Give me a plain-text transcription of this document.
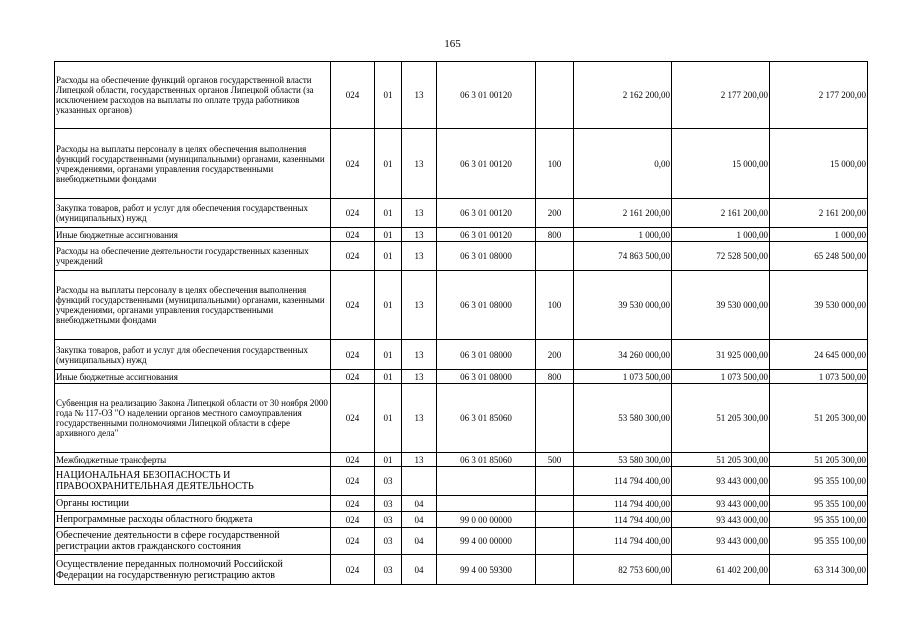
165
Расходы на обеспечение функций органов государственной власти Липецкой области, государственных органов Липецкой области (за исключением расходов на выплаты по оплате труда работников указанных органов)	024	01	13	06 3 01 00120		2 162 200,00	2 177 200,00	2 177 200,00
Расходы на выплаты персоналу в целях обеспечения выполнения функций государственными (муниципальными) органами, казенными учреждениями, органами управления государственными внебюджетными фондами	024	01	13	06 3 01 00120	100	0,00	15 000,00	15 000,00
Закупка товаров, работ и услуг для обеспечения государственных (муниципальных) нужд	024	01	13	06 3 01 00120	200	2 161 200,00	2 161 200,00	2 161 200,00
Иные бюджетные ассигнования	024	01	13	06 3 01 00120	800	1 000,00	1 000,00	1 000,00
Расходы на обеспечение деятельности государственных казенных учреждений	024	01	13	06 3 01 08000		74 863 500,00	72 528 500,00	65 248 500,00
Расходы на выплаты персоналу в целях обеспечения выполнения функций государственными (муниципальными) органами, казенными учреждениями, органами управления государственными внебюджетными фондами	024	01	13	06 3 01 08000	100	39 530 000,00	39 530 000,00	39 530 000,00
Закупка товаров, работ и услуг для обеспечения государственных (муниципальных) нужд	024	01	13	06 3 01 08000	200	34 260 000,00	31 925 000,00	24 645 000,00
Иные бюджетные ассигнования	024	01	13	06 3 01 08000	800	1 073 500,00	1 073 500,00	1 073 500,00
Субвенция на реализацию Закона Липецкой области от 30 ноября 2000 года № 117-ОЗ "О наделении органов местного самоуправления государственными полномочиями Липецкой области в сфере архивного дела"	024	01	13	06 3 01 85060		53 580 300,00	51 205 300,00	51 205 300,00
Межбюджетные трансферты	024	01	13	06 3 01 85060	500	53 580 300,00	51 205 300,00	51 205 300,00
НАЦИОНАЛЬНАЯ БЕЗОПАСНОСТЬ И ПРАВООХРАНИТЕЛЬНАЯ ДЕЯТЕЛЬНОСТЬ	024	03				114 794 400,00	93 443 000,00	95 355 100,00
Органы юстиции	024	03	04			114 794 400,00	93 443 000,00	95 355 100,00
Непрограммные расходы областного бюджета	024	03	04	99 0 00 00000		114 794 400,00	93 443 000,00	95 355 100,00
Обеспечение деятельности в сфере государственной регистрации актов гражданского состояния	024	03	04	99 4 00 00000		114 794 400,00	93 443 000,00	95 355 100,00
Осуществление переданных полномочий Российской Федерации на государственную регистрацию актов	024	03	04	99 4 00 59300		82 753 600,00	61 402 200,00	63 314 300,00
